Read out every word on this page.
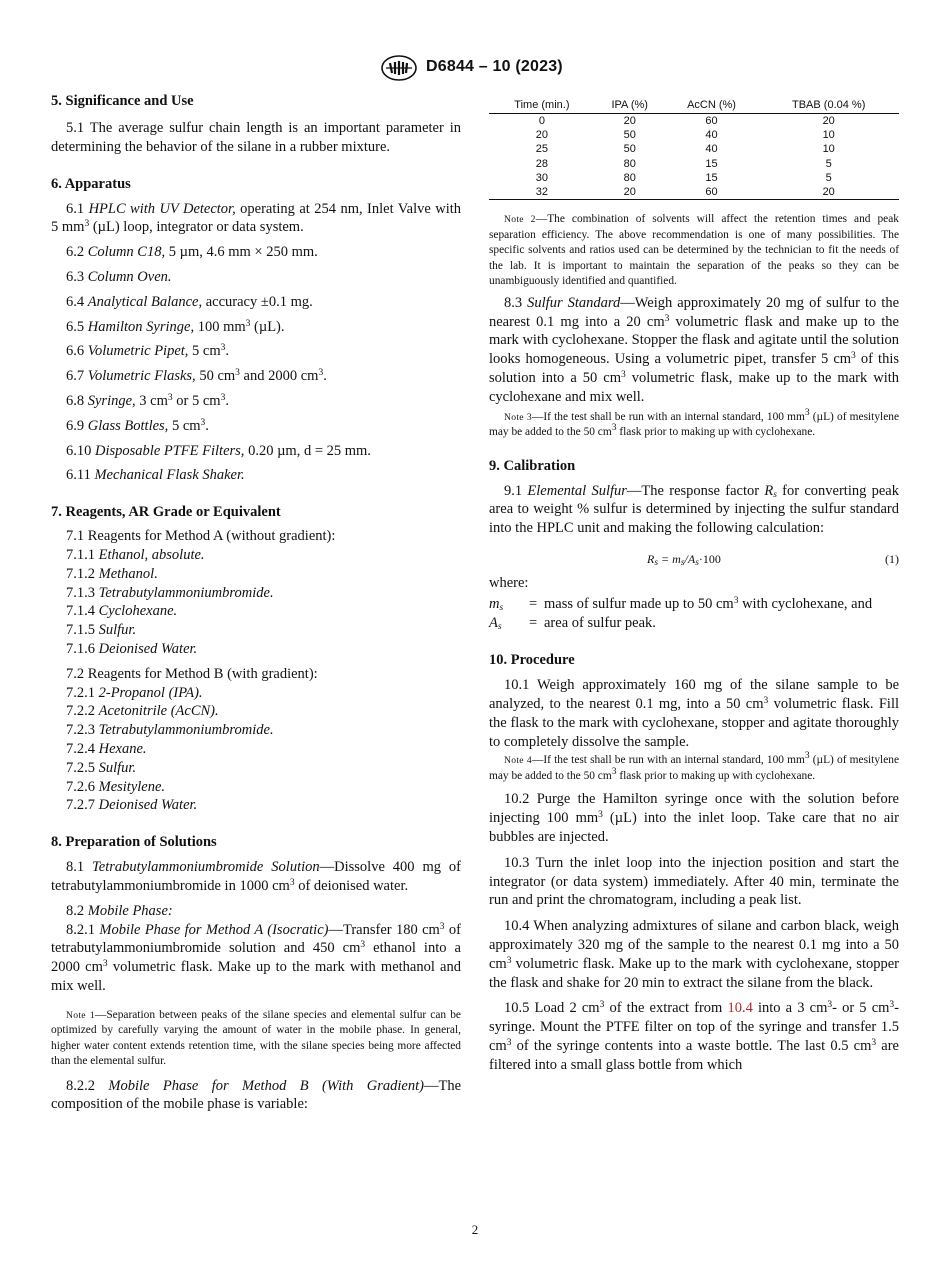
D6844 – 10 (2023)

5. Significance and Use

5.1 The average sulfur chain length is an important parameter in determining the behavior of the silane in a rubber mixture.

6. Apparatus

6.1 HPLC with UV Detector, operating at 254 nm, Inlet Valve with 5 $mm^3$ (µL) loop, integrator or data system.

6.2 Column C18, 5 µm, 4.6 mm × 250 mm.

6.3 Column Oven.

6.4 Analytical Balance, accuracy ±0.1 mg.

6.5 Hamilton Syringe, 100 $mm^3$ (µL).

6.6 Volumetric Pipet, 5 $cm^3$.

6.7 Volumetric Flasks, 50 $cm^3$ and 2000 $cm^3$.

6.8 Syringe, 3 $cm^3$ or 5 $cm^3$.

6.9 Glass Bottles, 5 $cm^3$.

6.10 Disposable PTFE Filters, 0.20 µm, d = 25 mm.

6.11 Mechanical Flask Shaker.

7. Reagents, AR Grade or Equivalent

7.1 Reagents for Method A (without gradient):

7.1.1 Ethanol, absolute.

7.1.2 Methanol.

7.1.3 Tetrabutylammoniumbromide.

7.1.4 Cyclohexane.

7.1.5 Sulfur.

7.1.6 Deionised Water.

7.2 Reagents for Method B (with gradient):

7.2.1 2-Propanol (IPA).

7.2.2 Acetonitrile (AcCN).

7.2.3 Tetrabutylammoniumbromide.

7.2.4 Hexane.

7.2.5 Sulfur.

7.2.6 Mesitylene.

7.2.7 Deionised Water.

8. Preparation of Solutions

8.1 Tetrabutylammoniumbromide Solution—Dissolve 400 mg of tetrabutylammoniumbromide in 1000 $cm^3$ of deionised water.

8.2 Mobile Phase:

8.2.1 Mobile Phase for Method A (Isocratic)—Transfer 180 $cm^3$ of tetrabutylammoniumbromide solution and 450 $cm^3$ ethanol into a 2000 $cm^3$ volumetric flask. Make up to the mark with methanol and mix well.

Note 1—Separation between peaks of the silane species and elemental sulfur can be optimized by carefully varying the amount of water in the mobile phase. In general, higher water content extends retention time, with the silane species being more affected than the elemental sulfur.

8.2.2 Mobile Phase for Method B (With Gradient)—The composition of the mobile phase is variable:

Time (min.)	IPA (%)	AcCN (%)	TBAB (0.04 %)
0	20	60	20
20	50	40	10
25	50	40	10
28	80	15	5
30	80	15	5
32	20	60	20

Note 2—The combination of solvents will affect the retention times and peak separation efficiency. The above recommendation is one of many possibilities. The specific solvents and ratios used can be determined by the technician to fit the needs of the lab. It is important to maintain the separation of the peaks so they can be unambiguously identified and quantified.

8.3 Sulfur Standard—Weigh approximately 20 mg of sulfur to the nearest 0.1 mg into a 20 $cm^3$ volumetric flask and make up to the mark with cyclohexane. Stopper the flask and agitate until the solution looks homogeneous. Using a volumetric pipet, transfer 5 $cm^3$ of this solution into a 50 $cm^3$ volumetric flask, make up to the mark with cyclohexane and mix well.

Note 3—If the test shall be run with an internal standard, 100 $mm^3$ (µL) of mesitylene may be added to the 50 $cm^3$ flask prior to making up with cyclohexane.

9. Calibration

9.1 Elemental Sulfur—The response factor $R_s$ for converting peak area to weight % sulfur is determined by injecting the sulfur standard into the HPLC unit and making the following calculation:

$R_s = m_s/A_s\cdot 100$	(1)

where:

$m_s$	= mass of sulfur made up to 50 $cm^3$ with cyclohexane, and
$A_s$	= area of sulfur peak.

10. Procedure

10.1 Weigh approximately 160 mg of the silane sample to be analyzed, to the nearest 0.1 mg, into a 50 $cm^3$ volumetric flask. Fill the flask to the mark with cyclohexane, stopper and agitate thoroughly to completely dissolve the sample.

Note 4—If the test shall be run with an internal standard, 100 $mm^3$ (µL) of mesitylene may be added to the 50 $cm^3$ flask prior to making up with cyclohexane.

10.2 Purge the Hamilton syringe once with the solution before injecting 100 $mm^3$ (µL) into the inlet loop. Take care that no air bubbles are injected.

10.3 Turn the inlet loop into the injection position and start the integrator (or data system) immediately. After 40 min, terminate the run and print the chromatogram, including a peak list.

10.4 When analyzing admixtures of silane and carbon black, weigh approximately 320 mg of the sample to the nearest 0.1 mg into a 50 $cm^3$ volumetric flask. Make up to the mark with cyclohexane, stopper the flask and shake for 20 min to extract the silane from the black.

10.5 Load 2 $cm^3$ of the extract from 10.4 into a 3 $cm^3-$ or 5 $cm^3$-syringe. Mount the PTFE filter on top of the syringe and transfer 1.5 $cm^3$ of the syringe contents into a waste bottle. The last 0.5 $cm^3$ are filtered into a small glass bottle from which

2
